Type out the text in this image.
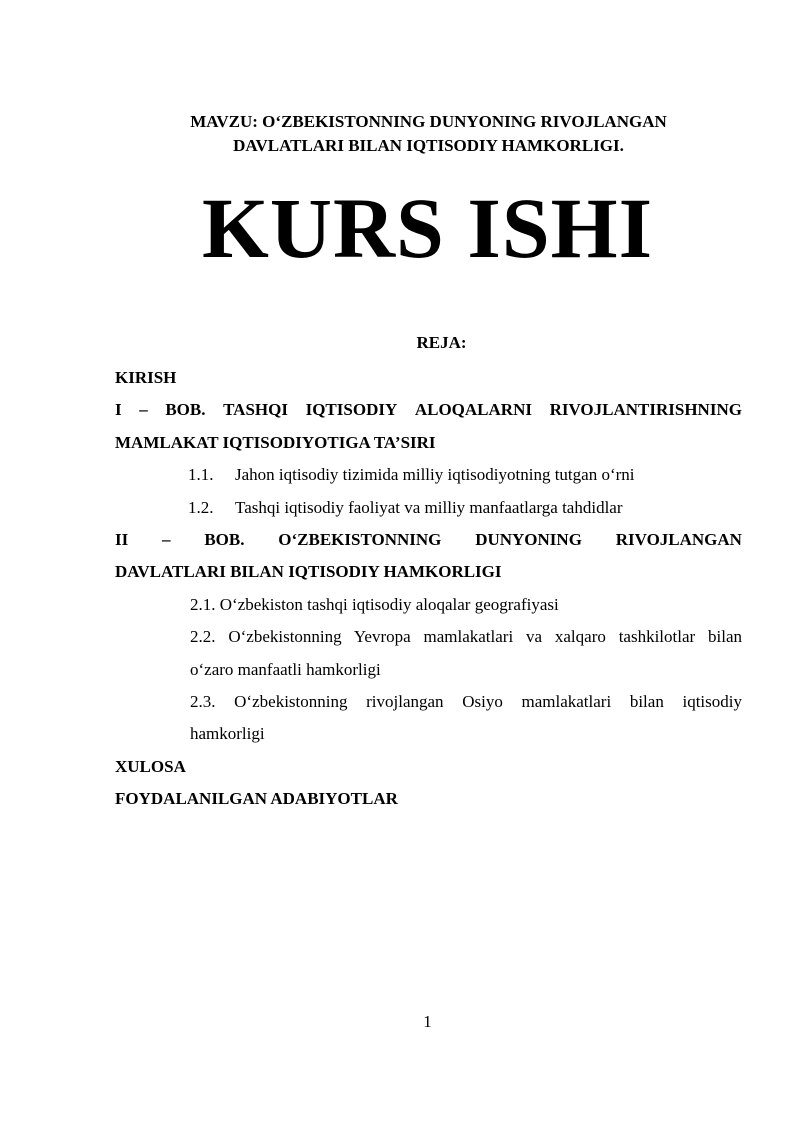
MAVZU: O‘ZBEKISTONNING DUNYONING RIVOJLANGAN
DAVLATLARI BILAN IQTISODIY HAMKORLIGI.
KURS ISHI
REJA:
KIRISH
I – BOB. TASHQI IQTISODIY ALOQALARNI RIVOJLANTIRISHNING
MAMLAKAT IQTISODIYOTIGA TA’SIRI
1.1.	Jahon iqtisodiy tizimida milliy iqtisodiyotning tutgan o‘rni
1.2.	Tashqi iqtisodiy faoliyat va milliy manfaatlarga tahdidlar
II – BOB. O‘ZBEKISTONNING DUNYONING RIVOJLANGAN
DAVLATLARI BILAN IQTISODIY HAMKORLIGI
2.1. O‘zbekiston tashqi iqtisodiy aloqalar geografiyasi
2.2. O‘zbekistonning Yevropa mamlakatlari va xalqaro tashkilotlar bilan
o‘zaro manfaatli hamkorligi
2.3. O‘zbekistonning rivojlangan Osiyo mamlakatlari bilan iqtisodiy
hamkorligi
XULOSA
FOYDALANILGAN ADABIYOTLAR
1
